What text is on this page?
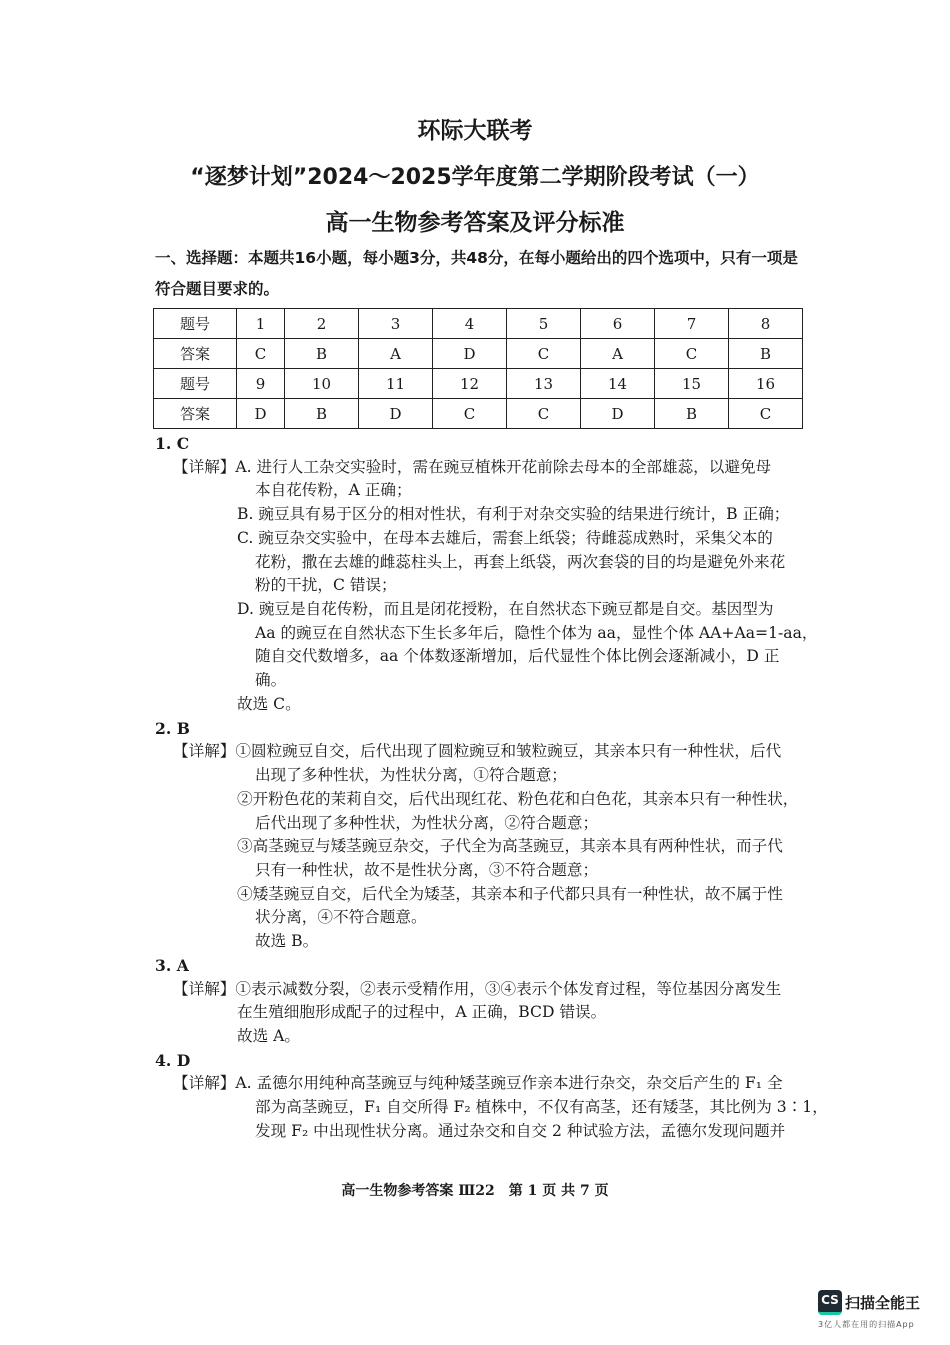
环际大联考
“逐梦计划”2024～2025学年度第二学期阶段考试（一）
高一生物参考答案及评分标准
一、选择题：本题共16小题，每小题3分，共48分，在每小题给出的四个选项中，只有一项是符合题目要求的。
题号	1	2	3	4	5	6	7	8
答案	C	B	A	D	C	A	C	B
题号	9	10	11	12	13	14	15	16
答案	D	B	D	C	C	D	B	C
1. C
【详解】A. 进行人工杂交实验时，需在豌豆植株开花前除去母本的全部雄蕊，以避免母
本自花传粉，A 正确；
B. 豌豆具有易于区分的相对性状，有利于对杂交实验的结果进行统计，B 正确；
C. 豌豆杂交实验中，在母本去雄后，需套上纸袋；待雌蕊成熟时，采集父本的
花粉，撒在去雄的雌蕊柱头上，再套上纸袋，两次套袋的目的均是避免外来花
粉的干扰，C 错误；
D. 豌豆是自花传粉，而且是闭花授粉，在自然状态下豌豆都是自交。基因型为
Aa 的豌豆在自然状态下生长多年后，隐性个体为 aa，显性个体 AA+Aa=1-aa，
随自交代数增多，aa 个体数逐渐增加，后代显性个体比例会逐渐减小，D 正
确。
故选 C。
2. B
【详解】①圆粒豌豆自交，后代出现了圆粒豌豆和皱粒豌豆，其亲本只有一种性状，后代
出现了多种性状，为性状分离，①符合题意；
②开粉色花的茉莉自交，后代出现红花、粉色花和白色花，其亲本只有一种性状，
后代出现了多种性状，为性状分离，②符合题意；
③高茎豌豆与矮茎豌豆杂交，子代全为高茎豌豆，其亲本具有两种性状，而子代
只有一种性状，故不是性状分离，③不符合题意；
④矮茎豌豆自交，后代全为矮茎，其亲本和子代都只具有一种性状，故不属于性
状分离，④不符合题意。
故选 B。
3. A
【详解】①表示减数分裂，②表示受精作用，③④表示个体发育过程，等位基因分离发生
在生殖细胞形成配子的过程中，A 正确，BCD 错误。
故选 A。
4. D
【详解】A. 孟德尔用纯种高茎豌豆与纯种矮茎豌豆作亲本进行杂交，杂交后产生的 F₁ 全
部为高茎豌豆，F₁ 自交所得 F₂ 植株中，不仅有高茎，还有矮茎，其比例为 3∶1，
发现 F₂ 中出现性状分离。通过杂交和自交 2 种试验方法，孟德尔发现问题并
高一生物参考答案 Ⅲ22　第 1 页 共 7 页
CS 扫描全能王
3亿人都在用的扫描App
